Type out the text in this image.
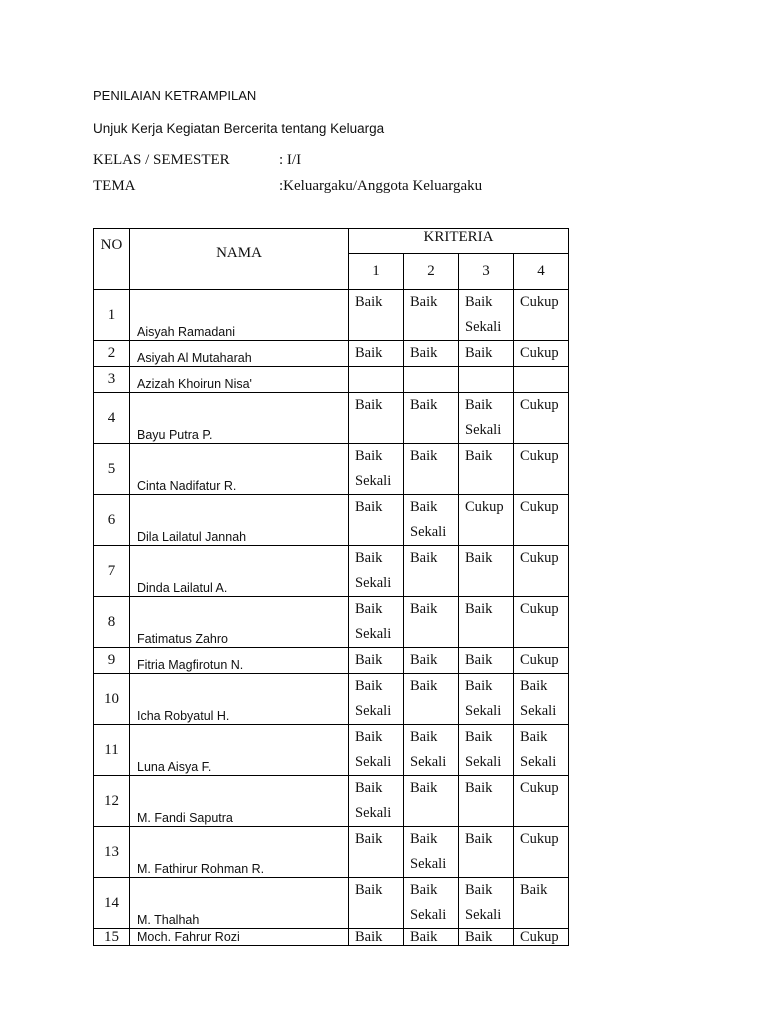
PENILAIAN KETRAMPILAN
Unjuk Kerja Kegiatan Bercerita tentang Keluarga
KELAS / SEMESTER	: I/I
TEMA	:Keluargaku/Anggota Keluargaku
NO	NAMA	KRITERIA			
		1	2	3	4
1	Aisyah Ramadani	Baik	Baik	Baik Sekali	Cukup
2	Asiyah Al Mutaharah	Baik	Baik	Baik	Cukup
3	Azizah Khoirun Nisa'				
4	Bayu Putra P.	Baik	Baik	Baik Sekali	Cukup
5	Cinta Nadifatur R.	Baik Sekali	Baik	Baik	Cukup
6	Dila Lailatul Jannah	Baik	Baik Sekali	Cukup	Cukup
7	Dinda Lailatul A.	Baik Sekali	Baik	Baik	Cukup
8	Fatimatus Zahro	Baik Sekali	Baik	Baik	Cukup
9	Fitria Magfirotun N.	Baik	Baik	Baik	Cukup
10	Icha Robyatul H.	Baik Sekali	Baik	Baik Sekali	Baik Sekali
11	Luna Aisya F.	Baik Sekali	Baik Sekali	Baik Sekali	Baik Sekali
12	M. Fandi Saputra	Baik Sekali	Baik	Baik	Cukup
13	M. Fathirur Rohman R.	Baik	Baik Sekali	Baik	Cukup
14	M. Thalhah	Baik	Baik Sekali	Baik Sekali	Baik
15	Moch. Fahrur Rozi	Baik	Baik	Baik	Cukup
